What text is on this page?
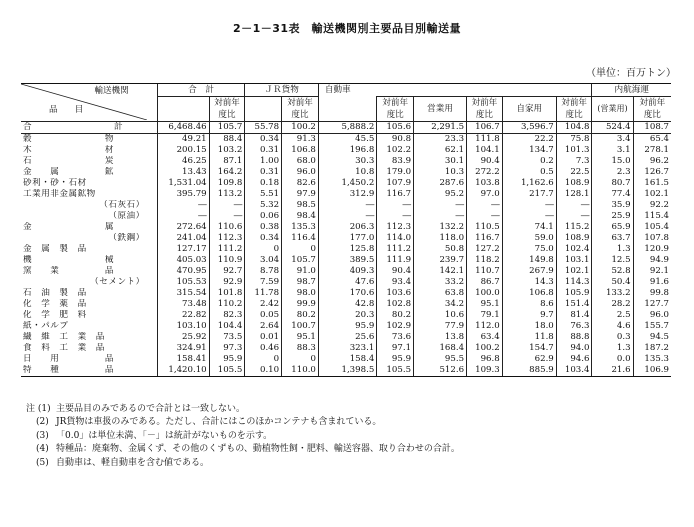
2－1－31表　輸送機関別主要品目別輸送量
（単位：百万トン）
輸送機関
品　　目	合　計		ＪＲ貨物		自動車						内航海運	
		対前年		対前年		対前年	営業用	対前年	自家用	対前年	(営業用)	対前年
		度比		度比		度比		度比		度比		度比
合　　　　　　　　　計	6,468.46	105.7	55.78	100.2	5,888.2	105.6	2,291.5	106.7	3,596.7	104.8	524.4	108.7
穀　　　　　　　　物	49.21	88.4	0.34	91.3	45.5	90.8	23.3	111.8	22.2	75.8	3.4	65.4
木　　　　　　　　材	200.15	103.2	0.31	106.8	196.8	102.2	62.1	104.1	134.7	101.3	3.1	278.1
石　　　　　　　　炭	46.25	87.1	1.00	68.0	30.3	83.9	30.1	90.4	0.2	7.3	15.0	96.2
金　　属　　　　　鉱	13.43	164.2	0.31	96.0	10.8	179.0	10.3	272.2	0.5	22.5	2.3	126.7
砂利・砂・石材	1,531.04	109.8	0.18	82.6	1,450.2	107.9	287.6	103.8	1,162.6	108.9	80.7	161.5
工業用非金属鉱物	395.79	113.2	5.51	97.9	312.9	116.7	95.2	97.0	217.7	128.1	77.4	102.1
（石灰石）	―	―	5.32	98.5	―	―	―	―	―	―	35.9	92.2
（原油）	―	―	0.06	98.4	―	―	―	―	―	―	25.9	115.4
金　　　　　　　　属	272.64	110.6	0.38	135.3	206.3	112.3	132.2	110.5	74.1	115.2	65.9	105.4
（鉄鋼）	241.04	112.3	0.34	116.4	177.0	114.0	118.0	116.7	59.0	108.9	63.7	107.8
金　属　製　品	127.17	111.2	0	0	125.8	111.2	50.8	127.2	75.0	102.4	1.3	120.9
機　　　　　　　　械	405.03	110.9	3.04	105.7	389.5	111.9	239.7	118.2	149.8	103.1	12.5	94.9
窯　　業　　　　　品	470.95	92.7	8.78	91.0	409.3	90.4	142.1	110.7	267.9	102.1	52.8	92.1
（セメント）	105.53	92.9	7.59	98.7	47.6	93.4	33.2	86.7	14.3	114.3	50.4	91.6
石　油　製　品	315.54	101.8	11.78	98.0	170.6	103.6	63.8	100.0	106.8	105.9	133.2	99.8
化　学　薬　品	73.48	110.2	2.42	99.9	42.8	102.8	34.2	95.1	8.6	151.4	28.2	127.7
化　学　肥　料	22.82	82.3	0.05	80.2	20.3	80.2	10.6	79.1	9.7	81.4	2.5	96.0
紙・パルプ	103.10	104.4	2.64	100.7	95.9	102.9	77.9	112.0	18.0	76.3	4.6	155.7
繊　維　工　業　品	25.92	73.5	0.01	95.1	25.6	73.6	13.8	63.4	11.8	88.8	0.3	94.5
食　料　工　業　品	324.91	97.3	0.46	88.3	323.1	97.1	168.4	100.2	154.7	94.0	1.3	187.2
日　　用　　　　　品	158.41	95.9	0	0	158.4	95.9	95.5	96.8	62.9	94.6	0.0	135.3
特　　種　　　　　品	1,420.10	105.5	0.10	110.0	1,398.5	105.5	512.6	109.3	885.9	103.4	21.6	106.9
注 (1) 主要品目のみであるので合計とは一致しない。
(2) JR貨物は車扱のみである。ただし、合計にはこのほかコンテナも含まれている。
(3) 「0.0」は単位未満、「－」は統計がないものを示す。
(4) 特種品：廃棄物、金属くず、その他のくずもの、動植物性飼・肥料、輸送容器、取り合わせの合計。
(5) 自動車は、軽自動車を含む値である。
